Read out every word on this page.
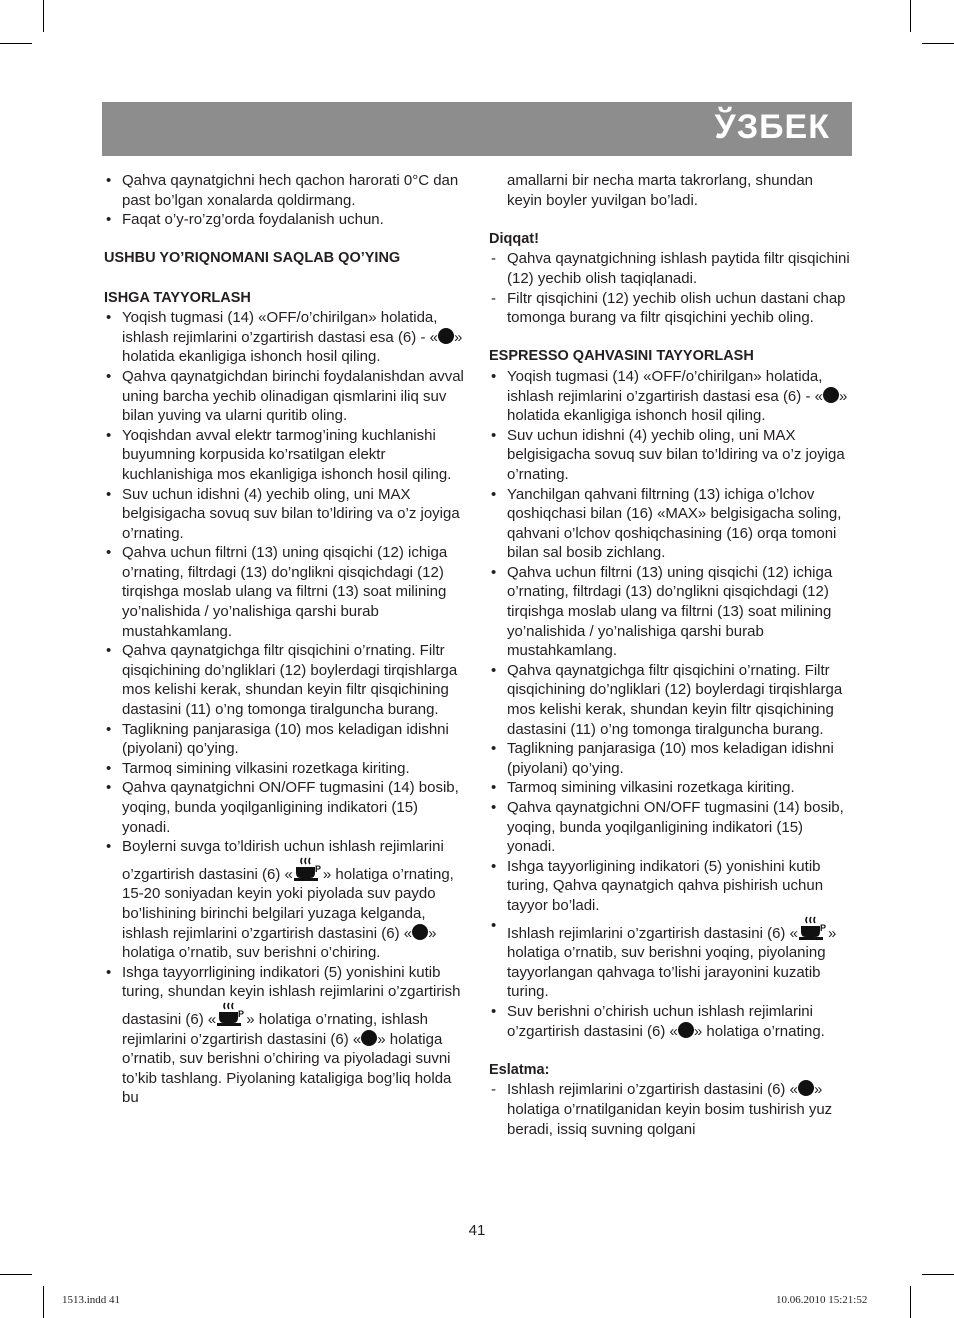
ЎЗБЕК
• Qahva qaynatgichni hech qachon harorati 0°C dan past bo’lgan xonalarda qoldirmang.
• Faqat o’y-ro’zg’orda foydalanish uchun.
USHBU YO’RIQNOMANI SAQLAB QO’YING
ISHGA TAYYORLASH
• Yoqish tugmasi (14) «OFF/o’chirilgan» holatida, ishlash rejimlarini o’zgartirish dastasi esa (6) - « » holatida ekanligiga ishonch hosil qiling.
• Qahva qaynatgichdan birinchi foydalanishdan avval uning barcha yechib olinadigan qismlarini iliq suv bilan yuving va ularni quritib oling.
• Yoqishdan avval elektr tarmog’ining kuchlanishi buyumning korpusida ko’rsatilgan elektr kuchlanishiga mos ekanligiga ishonch hosil qiling.
• Suv uchun idishni (4) yechib oling, uni MAX belgisigacha sovuq suv bilan to’ldiring va o’z joyiga o’rnating.
• Qahva uchun filtrni (13) uning qisqichi (12) ichiga o’rnating, filtrdagi (13) do’nglikni qisqichdagi (12) tirqishga moslab ulang va filtrni (13) soat milining yo’nalishida / yo’nalishiga qarshi burab mustahkamlang.
• Qahva qaynatgichga filtr qisqichini o’rnating. Filtr qisqichining do’ngliklari (12) boylerdagi tirqishlarga mos kelishi kerak, shundan keyin filtr qisqichining dastasini (11) o’ng tomonga tiralguncha burang.
• Taglikning panjarasiga (10) mos keladigan idishni (piyolani) qo’ying.
• Tarmoq simining vilkasini rozetkaga kiriting.
• Qahva qaynatgichni ON/OFF tugmasini (14) bosib, yoqing, bunda yoqilganligining indikatori (15) yonadi.
• Boylerni suvga to’ldirish uchun ishlash rejimlarini o’zgartirish dastasini (6) « P » holatiga o’rnating, 15-20 soniyadan keyin yoki piyolada suv paydo bo’lishining birinchi belgilari yuzaga kelganda, ishlash rejimlarini o’zgartirish dastasini (6) « » holatiga o’rnatib, suv berishni o’chiring.
• Ishga tayyorrligining indikatori (5) yonishini kutib turing, shundan keyin ishlash rejimlarini o’zgartirish dastasini (6) « P » holatiga o’rnating, ishlash rejimlarini o’zgartirish dastasini (6) « » holatiga o’rnatib, suv berishni o’chiring va piyoladagi suvni to’kib tashlang. Piyolaning kataligiga bog’liq holda bu
amallarni bir necha marta takrorlang, shundan keyin boyler yuvilgan bo’ladi.
Diqqat!
- Qahva qaynatgichning ishlash paytida filtr qisqichini (12) yechib olish taqiqlanadi.
- Filtr qisqichini (12) yechib olish uchun dastani chap tomonga burang va filtr qisqichini yechib oling.
ESPRESSO QAHVASINI TAYYORLASH
• Yoqish tugmasi (14) «OFF/o’chirilgan» holatida, ishlash rejimlarini o’zgartirish dastasi esa (6) - « » holatida ekanligiga ishonch hosil qiling.
• Suv uchun idishni (4) yechib oling, uni MAX belgisigacha sovuq suv bilan to’ldiring va o’z joyiga o’rnating.
• Yanchilgan qahvani filtrning (13) ichiga o’lchov qoshiqchasi bilan (16) «MAX» belgisigacha soling, qahvani o’lchov qoshiqchasining (16) orqa tomoni bilan sal bosib zichlang.
• Qahva uchun filtrni (13) uning qisqichi (12) ichiga o’rnating, filtrdagi (13) do’nglikni qisqichdagi (12) tirqishga moslab ulang va filtrni (13) soat milining yo’nalishida / yo’nalishiga qarshi burab mustahkamlang.
• Qahva qaynatgichga filtr qisqichini o’rnating. Filtr qisqichining do’ngliklari (12) boylerdagi tirqishlarga mos kelishi kerak, shundan keyin filtr qisqichining dastasini (11) o’ng tomonga tiralguncha burang.
• Taglikning panjarasiga (10) mos keladigan idishni (piyolani) qo’ying.
• Tarmoq simining vilkasini rozetkaga kiriting.
• Qahva qaynatgichni ON/OFF tugmasini (14) bosib, yoqing, bunda yoqilganligining indikatori (15) yonadi.
• Ishga tayyorligining indikatori (5) yonishini kutib turing, Qahva qaynatgich qahva pishirish uchun tayyor bo’ladi.
• Ishlash rejimlarini o’zgartirish dastasini (6) « P » holatiga o’rnatib, suv berishni yoqing, piyolaning tayyorlangan qahvaga to’lishi jarayonini kuzatib turing.
• Suv berishni o’chirish uchun ishlash rejimlarini o’zgartirish dastasini (6) « » holatiga o’rnating.
Eslatma:
- Ishlash rejimlarini o’zgartirish dastasini (6) « » holatiga o’rnatilganidan keyin bosim tushirish yuz beradi, issiq suvning qolgani
41
1513.indd 41	10.06.2010 15:21:52
